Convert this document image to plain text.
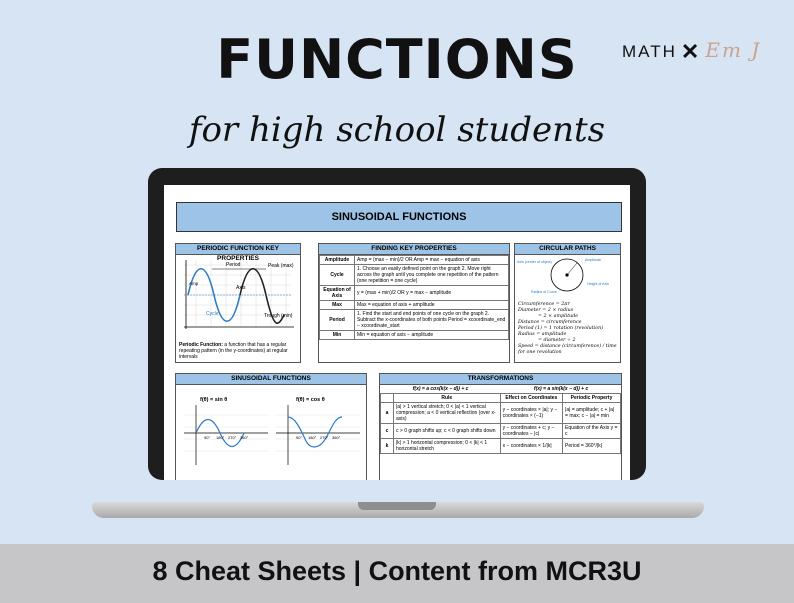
FUNCTIONS
for high school students
MATH ✕ Em J
SINUSOIDAL FUNCTIONS
PERIODIC FUNCTION KEY PROPERTIES
Period	Peak (max)
Axis
Cycle	Trough (min)
Amp
Periodic Function: a function that has a regular repeating pattern (in the y-coordinates) at regular intervals
FINDING KEY PROPERTIES
Amplitude	Amp = (max − min)/2 OR Amp = max − equation of axis
Cycle	1. Choose an easily defined point on the graph 2. Move right across the graph until you complete one repetition of the pattern (one repetition = one cycle)
Equation of Axis	y = (max + min)/2 OR y = max − amplitude
Max	Max = equation of axis + amplitude
Period	1. Find the start and end points of one cycle on the graph 2. Subtract the x-coordinates of both points Period = xcoordinate_end − xcoordinate_start
Min	Min = equation of axis − amplitude
CIRCULAR PATHS
Axis (center of object)	Amplitude
Radius of Curve
Height of Axis
Circumference = 2πr
Diameter = 2 × radius
= 2 × amplitude
Distance = circumference
Period (1) = 1 rotation (revolution)
Radius = amplitude
= diameter ÷ 2
Speed = distance (circumference) / time for one revolution
SINUSOIDAL FUNCTIONS
f(θ) = sin θ	f(θ) = cos θ
90° 180° 270° 360°	90° 180° 270° 360°
TRANSFORMATIONS
f(x) = a cos(k(x − d)) + c	f(x) = a sin(k(x − d)) + c
	Rule	Effect on Coordinates	Periodic Property
a	|a| > 1 vertical stretch; 0 < |a| < 1 vertical compression; a < 0 vertical reflection (over x-axis)	y − coordinates × |a|; y − coordinates × (−1)	|a| = amplitude; c + |a| = max; c − |a| = min
c	c > 0 graph shifts up; c < 0 graph shifts down	y − coordinates + c; y − coordinates − |c|	Equation of the Axis y = c
k	|k| > 1 horizontal compression; 0 < |k| < 1 horizontal stretch	x − coordinates × 1/|k|	Period = 360°/|k|
8 Cheat Sheets | Content from MCR3U
